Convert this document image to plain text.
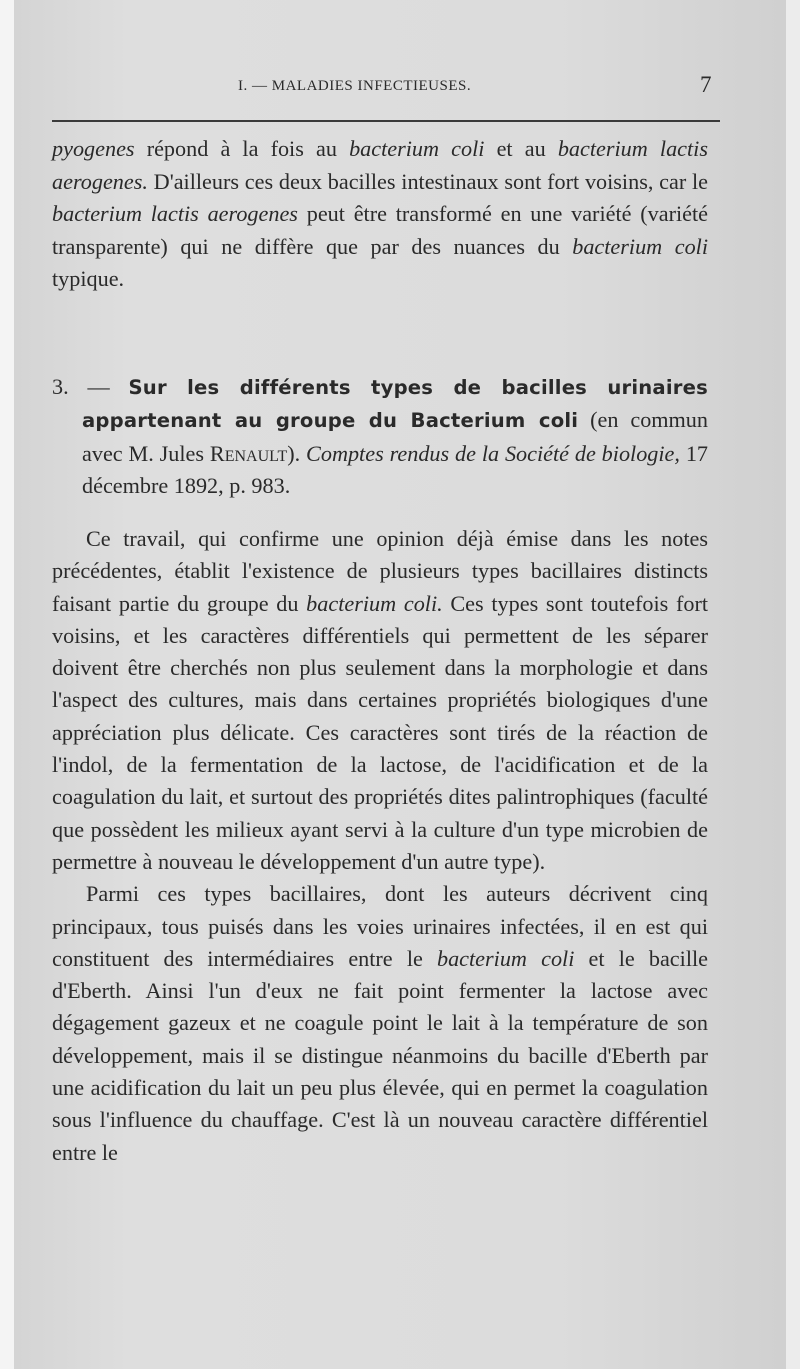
I. — MALADIES INFECTIEUSES.	7

pyogenes répond à la fois au bacterium coli et au bacterium lactis aerogenes. D'ailleurs ces deux bacilles intestinaux sont fort voisins, car le bacterium lactis aerogenes peut être transformé en une variété (variété transparente) qui ne diffère que par des nuances du bacterium coli typique.

3. — Sur les différents types de bacilles urinaires appartenant au groupe du Bacterium coli (en commun avec M. Jules Renault). Comptes rendus de la Société de biologie, 17 décembre 1892, p. 983.

Ce travail, qui confirme une opinion déjà émise dans les notes précédentes, établit l'existence de plusieurs types bacillaires distincts faisant partie du groupe du bacterium coli. Ces types sont toutefois fort voisins, et les caractères différentiels qui permettent de les séparer doivent être cherchés non plus seulement dans la morphologie et dans l'aspect des cultures, mais dans certaines propriétés biologiques d'une appréciation plus délicate. Ces caractères sont tirés de la réaction de l'indol, de la fermentation de la lactose, de l'acidification et de la coagulation du lait, et surtout des propriétés dites palintrophiques (faculté que possèdent les milieux ayant servi à la culture d'un type microbien de permettre à nouveau le développement d'un autre type).

Parmi ces types bacillaires, dont les auteurs décrivent cinq principaux, tous puisés dans les voies urinaires infectées, il en est qui constituent des intermédiaires entre le bacterium coli et le bacille d'Eberth. Ainsi l'un d'eux ne fait point fermenter la lactose avec dégagement gazeux et ne coagule point le lait à la température de son développement, mais il se distingue néanmoins du bacille d'Eberth par une acidification du lait un peu plus élevée, qui en permet la coagulation sous l'influence du chauffage. C'est là un nouveau caractère différentiel entre le
